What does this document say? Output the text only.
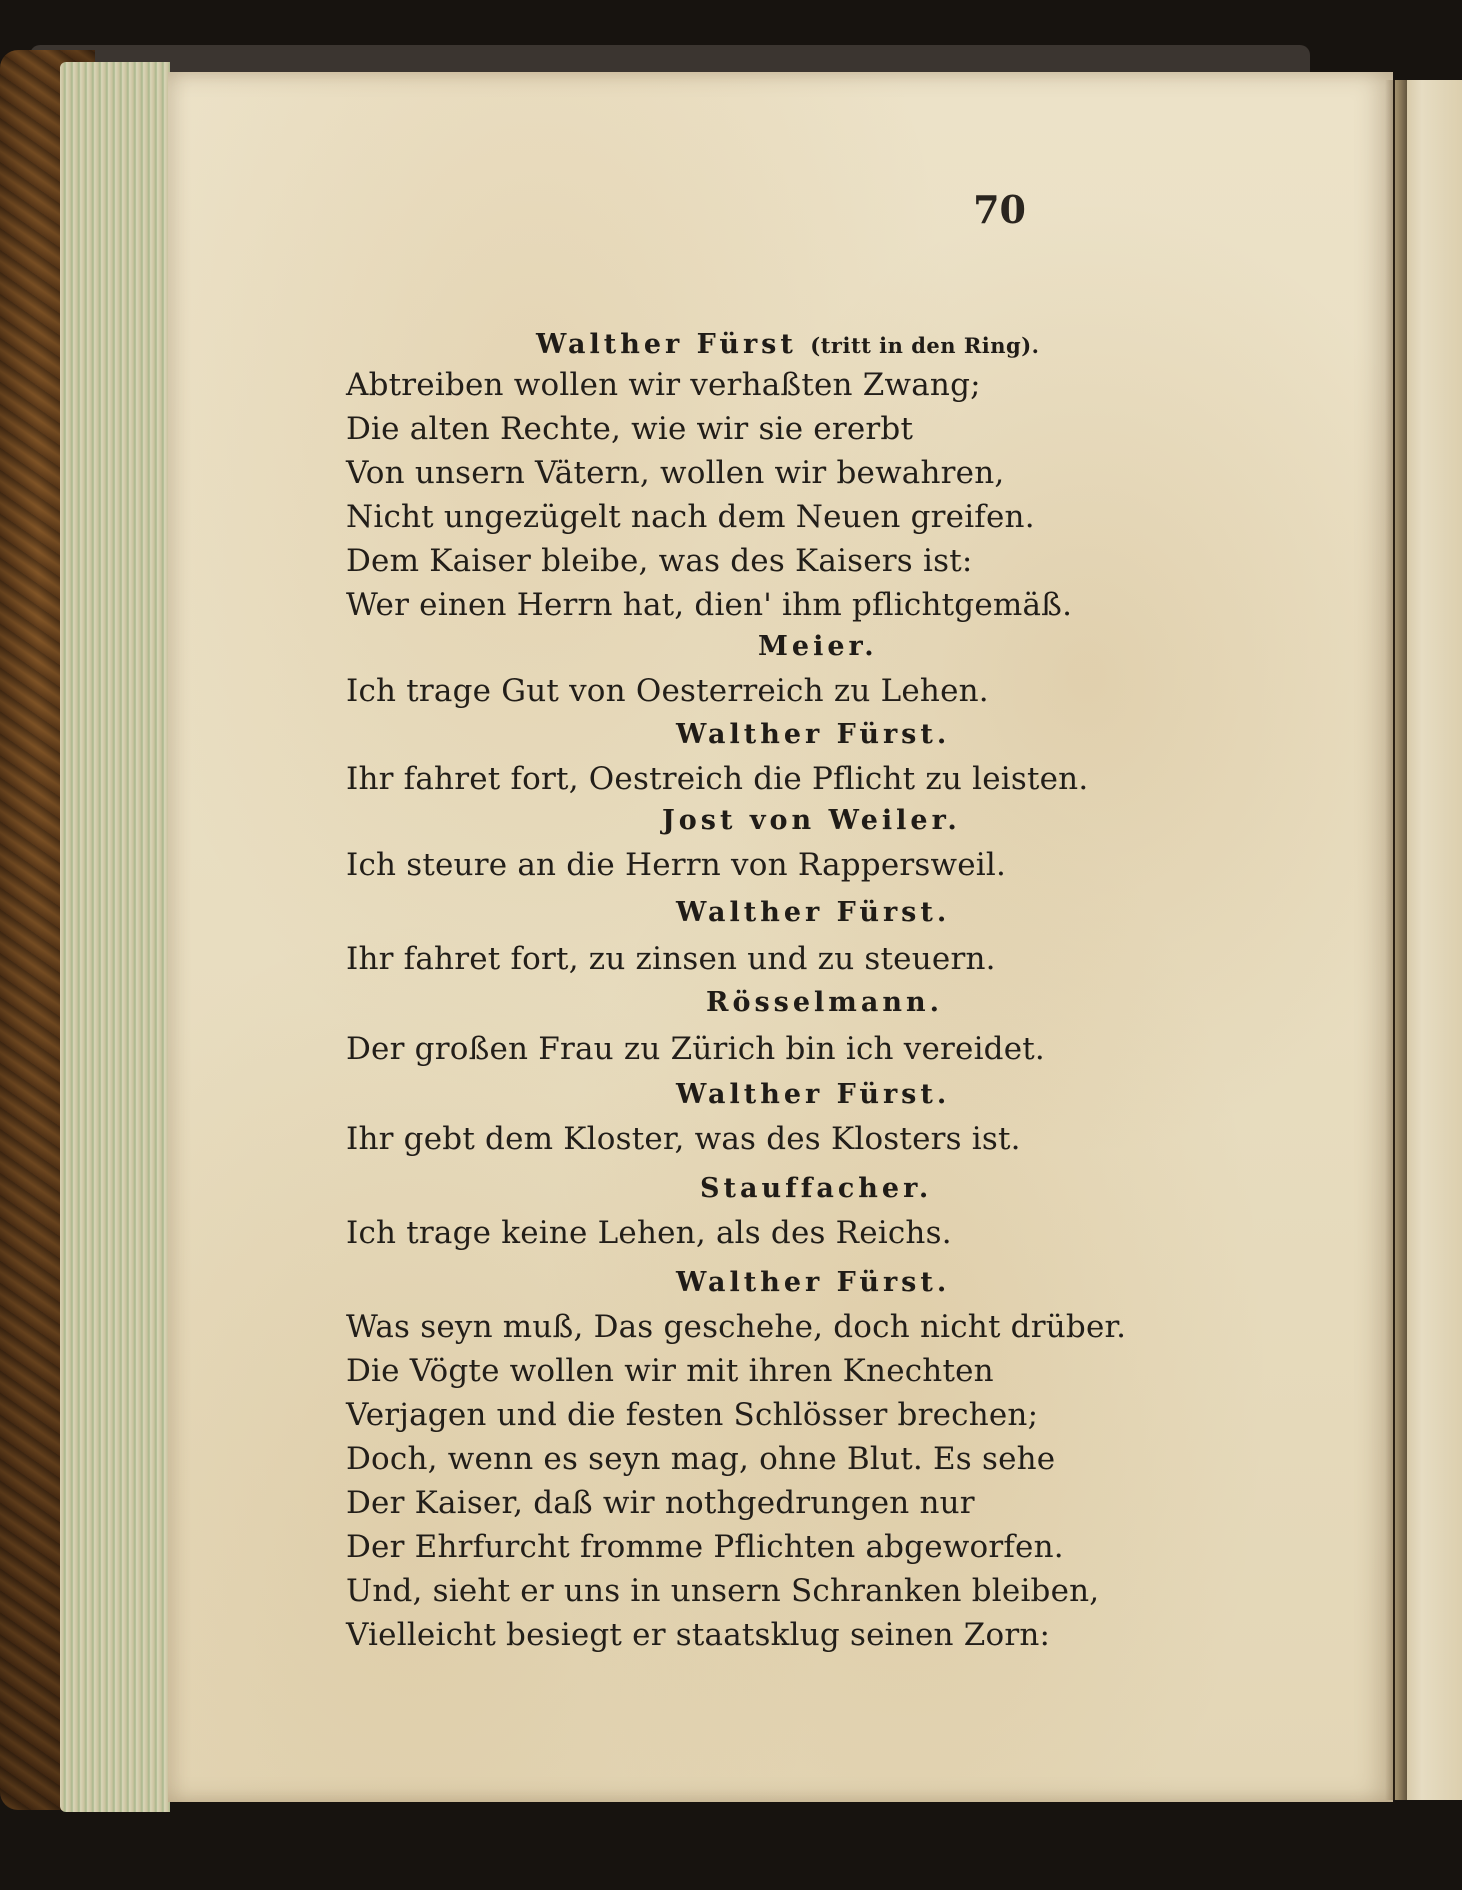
70
Walther Fürst (tritt in den Ring).
Abtreiben wollen wir verhaßten Zwang;
Die alten Rechte, wie wir sie ererbt
Von unsern Vätern, wollen wir bewahren,
Nicht ungezügelt nach dem Neuen greifen.
Dem Kaiser bleibe, was des Kaisers ist:
Wer einen Herrn hat, dien' ihm pflichtgemäß.
Meier.
Ich trage Gut von Oesterreich zu Lehen.
Walther Fürst.
Ihr fahret fort, Oestreich die Pflicht zu leisten.
Jost von Weiler.
Ich steure an die Herrn von Rappersweil.
Walther Fürst.
Ihr fahret fort, zu zinsen und zu steuern.
Rösselmann.
Der großen Frau zu Zürich bin ich vereidet.
Walther Fürst.
Ihr gebt dem Kloster, was des Klosters ist.
Stauffacher.
Ich trage keine Lehen, als des Reichs.
Walther Fürst.
Was seyn muß, Das geschehe, doch nicht drüber.
Die Vögte wollen wir mit ihren Knechten
Verjagen und die festen Schlösser brechen;
Doch, wenn es seyn mag, ohne Blut. Es sehe
Der Kaiser, daß wir nothgedrungen nur
Der Ehrfurcht fromme Pflichten abgeworfen.
Und, sieht er uns in unsern Schranken bleiben,
Vielleicht besiegt er staatsklug seinen Zorn:
